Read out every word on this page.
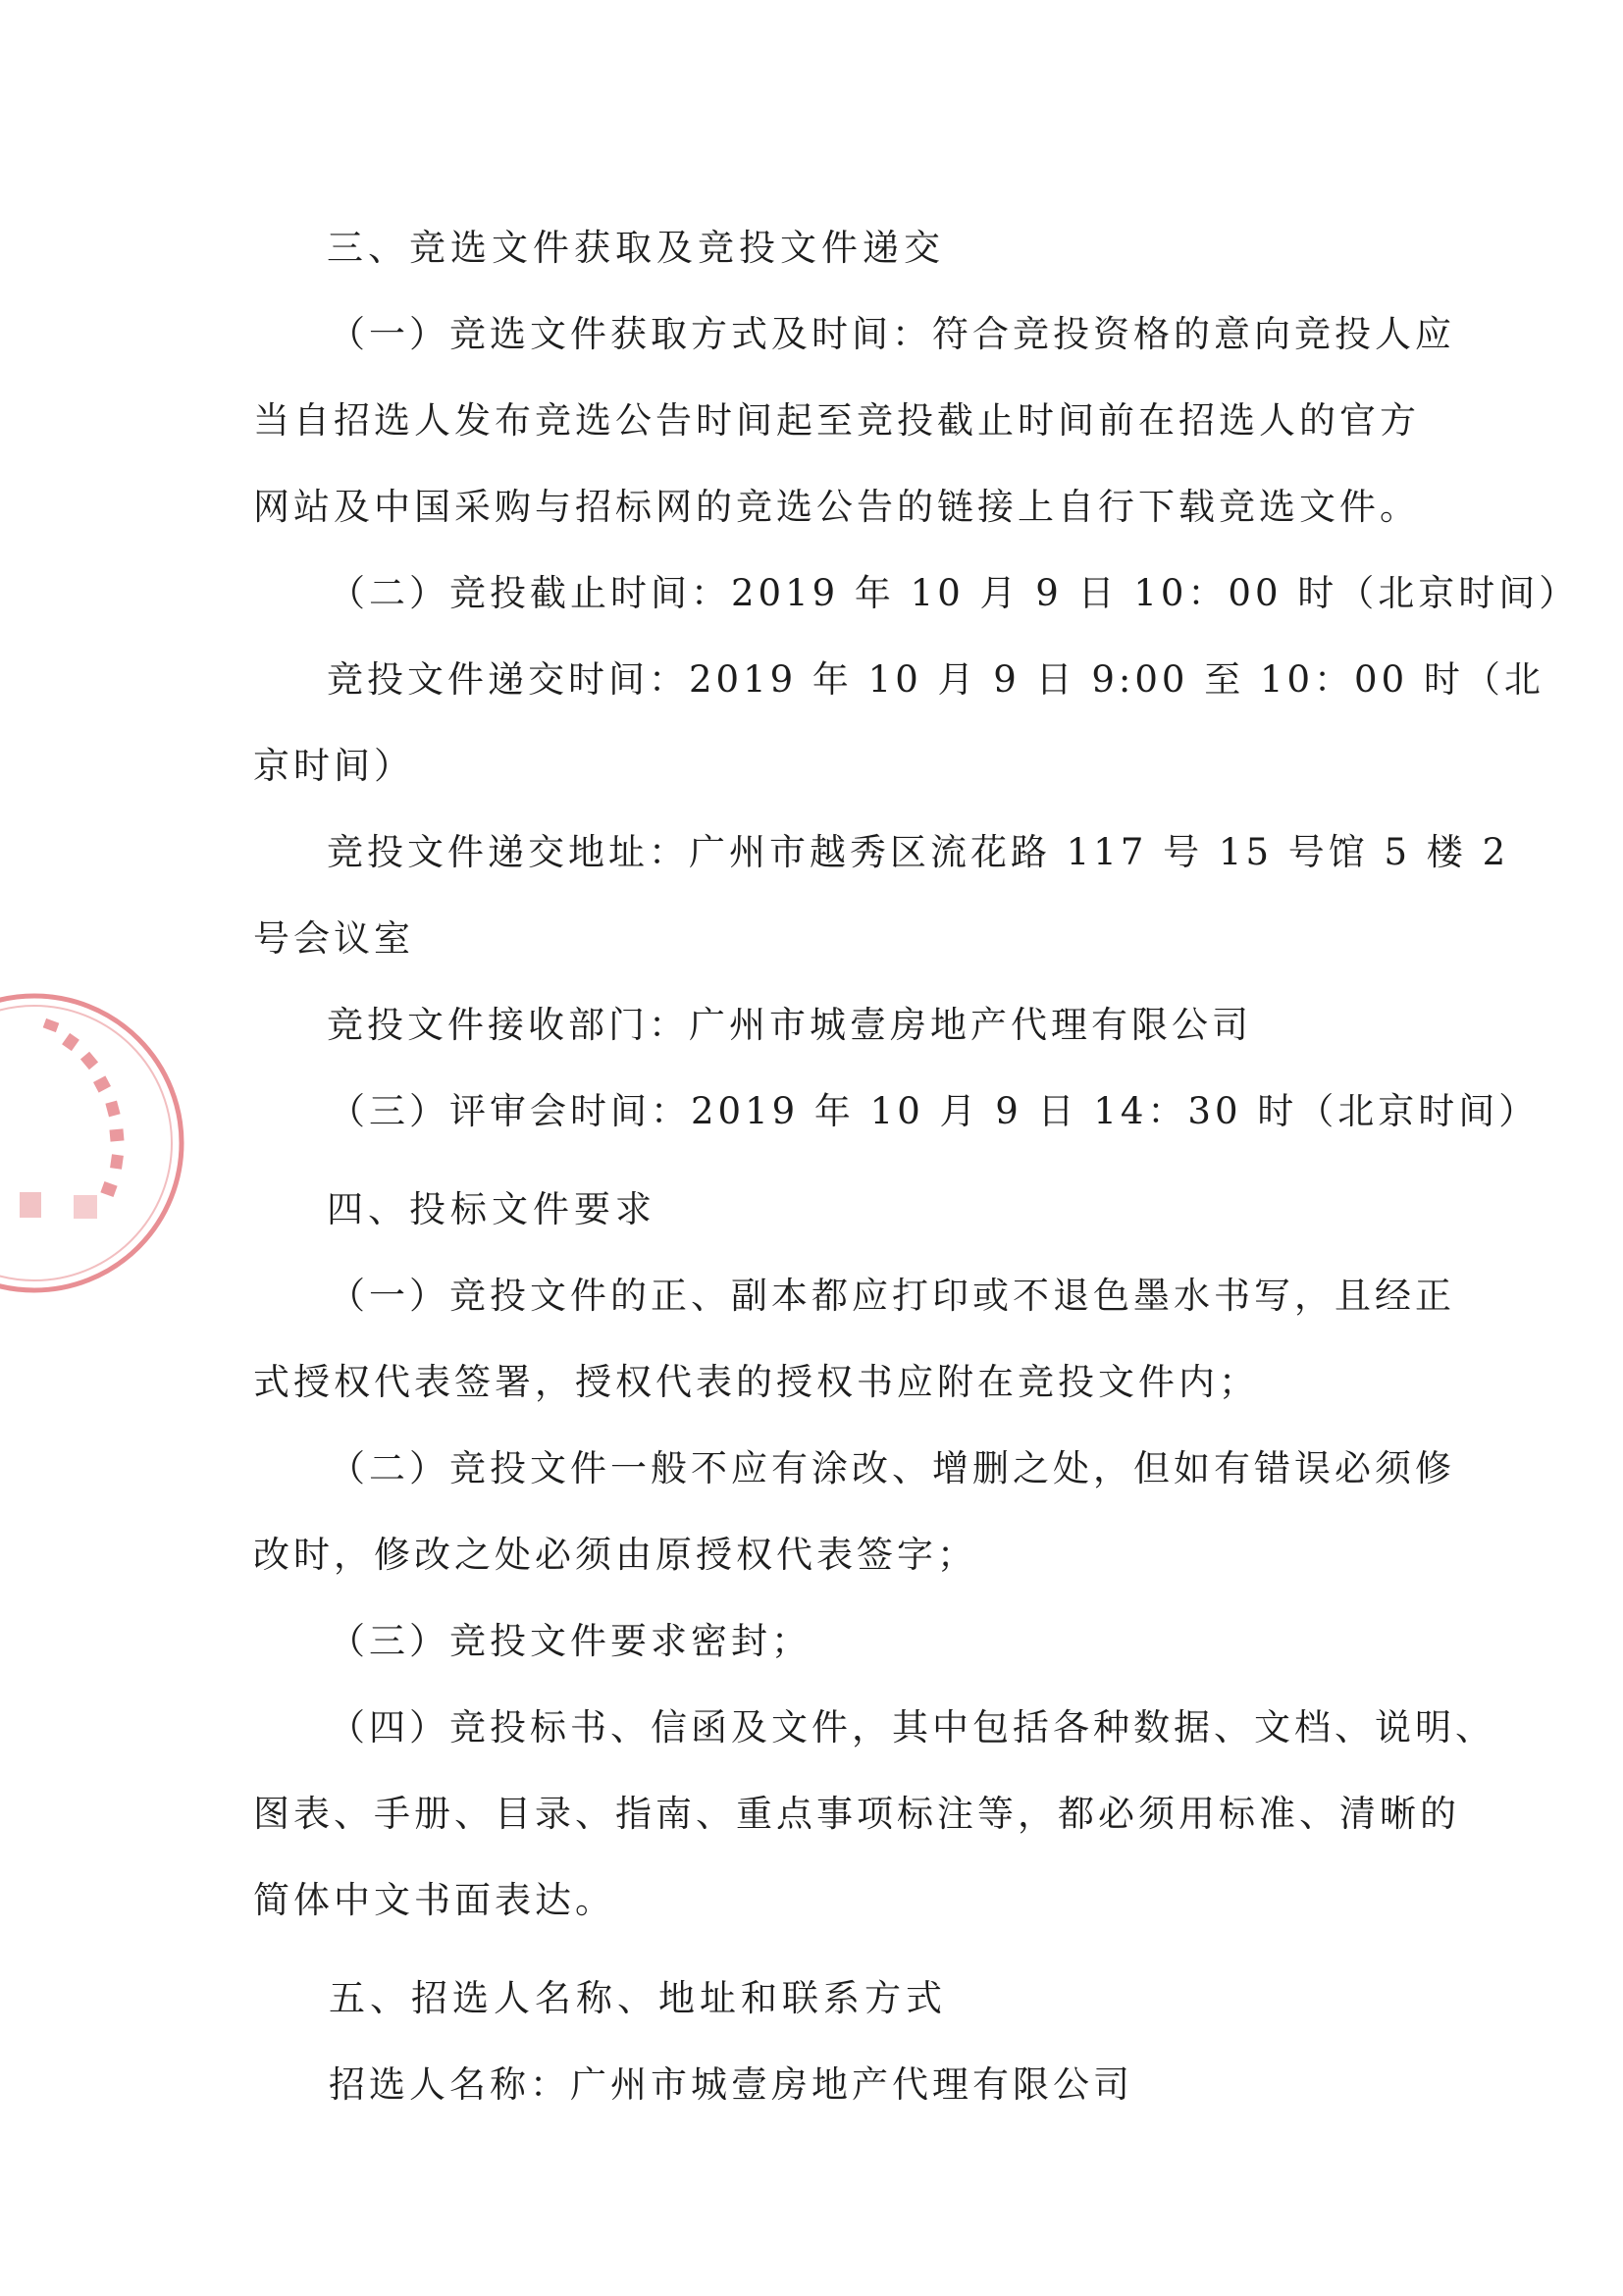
三、竞选文件获取及竞投文件递交
（一）竞选文件获取方式及时间：符合竞投资格的意向竞投人应
当自招选人发布竞选公告时间起至竞投截止时间前在招选人的官方
网站及中国采购与招标网的竞选公告的链接上自行下载竞选文件。
（二）竞投截止时间：2019 年 10 月 9 日 10：00 时（北京时间）
竞投文件递交时间：2019 年 10 月 9 日 9:00 至 10：00 时（北
京时间）
竞投文件递交地址：广州市越秀区流花路 117 号 15 号馆 5 楼 2
号会议室
竞投文件接收部门：广州市城壹房地产代理有限公司
（三）评审会时间：2019 年 10 月 9 日 14：30 时（北京时间）
四、投标文件要求
（一）竞投文件的正、副本都应打印或不退色墨水书写，且经正
式授权代表签署，授权代表的授权书应附在竞投文件内；
（二）竞投文件一般不应有涂改、增删之处，但如有错误必须修
改时，修改之处必须由原授权代表签字；
（三）竞投文件要求密封；
（四）竞投标书、信函及文件，其中包括各种数据、文档、说明、
图表、手册、目录、指南、重点事项标注等，都必须用标准、清晰的
简体中文书面表达。
五、招选人名称、地址和联系方式
招选人名称：广州市城壹房地产代理有限公司
